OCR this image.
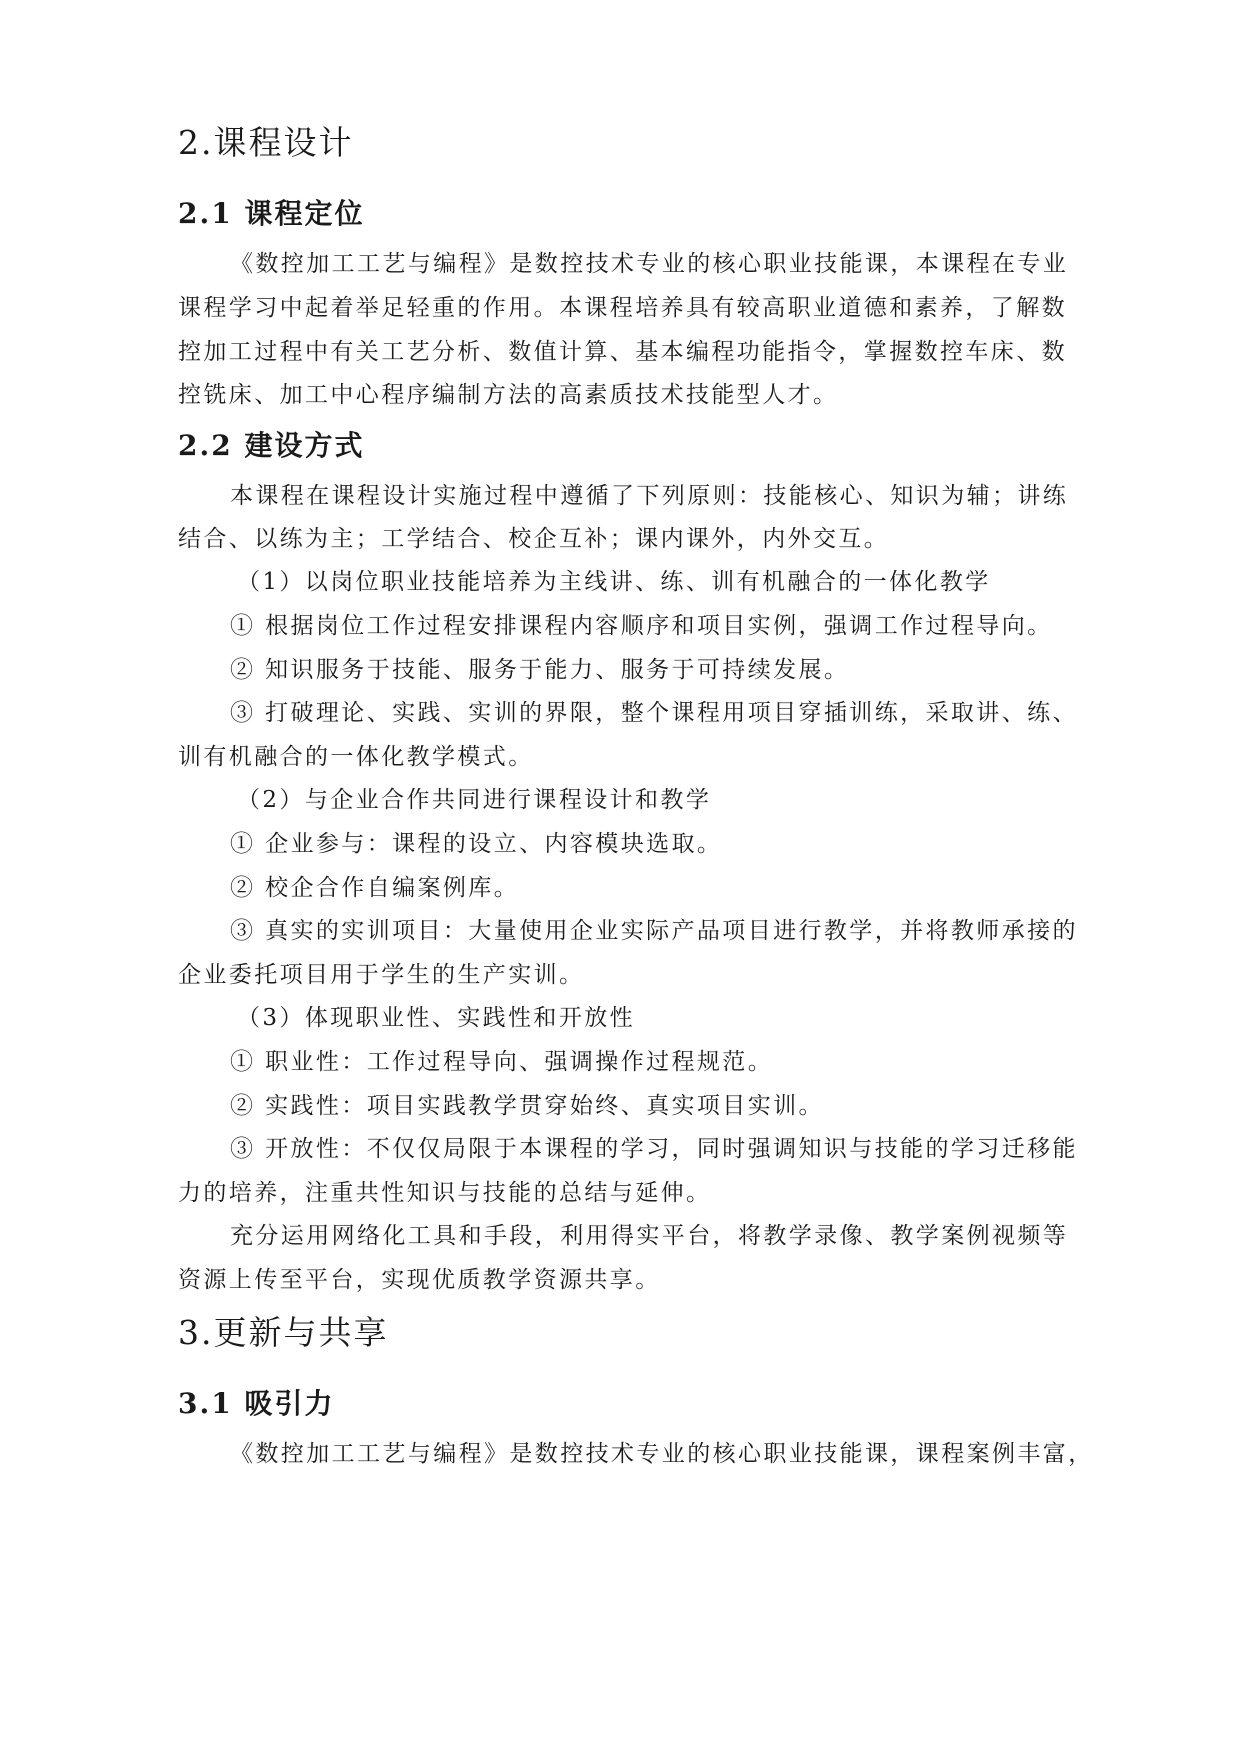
2.课程设计
2.1 课程定位
《数控加工工艺与编程》是数控技术专业的核心职业技能课，本课程在专业
课程学习中起着举足轻重的作用。本课程培养具有较高职业道德和素养，了解数
控加工过程中有关工艺分析、数值计算、基本编程功能指令，掌握数控车床、数
控铣床、加工中心程序编制方法的高素质技术技能型人才。
2.2 建设方式
本课程在课程设计实施过程中遵循了下列原则：技能核心、知识为辅；讲练
结合、以练为主；工学结合、校企互补；课内课外，内外交互。
（1）以岗位职业技能培养为主线讲、练、训有机融合的一体化教学
① 根据岗位工作过程安排课程内容顺序和项目实例，强调工作过程导向。
② 知识服务于技能、服务于能力、服务于可持续发展。
③ 打破理论、实践、实训的界限，整个课程用项目穿插训练，采取讲、练、
训有机融合的一体化教学模式。
（2）与企业合作共同进行课程设计和教学
① 企业参与：课程的设立、内容模块选取。
② 校企合作自编案例库。
③ 真实的实训项目：大量使用企业实际产品项目进行教学，并将教师承接的
企业委托项目用于学生的生产实训。
（3）体现职业性、实践性和开放性
① 职业性：工作过程导向、强调操作过程规范。
② 实践性：项目实践教学贯穿始终、真实项目实训。
③ 开放性：不仅仅局限于本课程的学习，同时强调知识与技能的学习迁移能
力的培养，注重共性知识与技能的总结与延伸。
充分运用网络化工具和手段，利用得实平台，将教学录像、教学案例视频等
资源上传至平台，实现优质教学资源共享。
3.更新与共享
3.1 吸引力
《数控加工工艺与编程》是数控技术专业的核心职业技能课，课程案例丰富，
